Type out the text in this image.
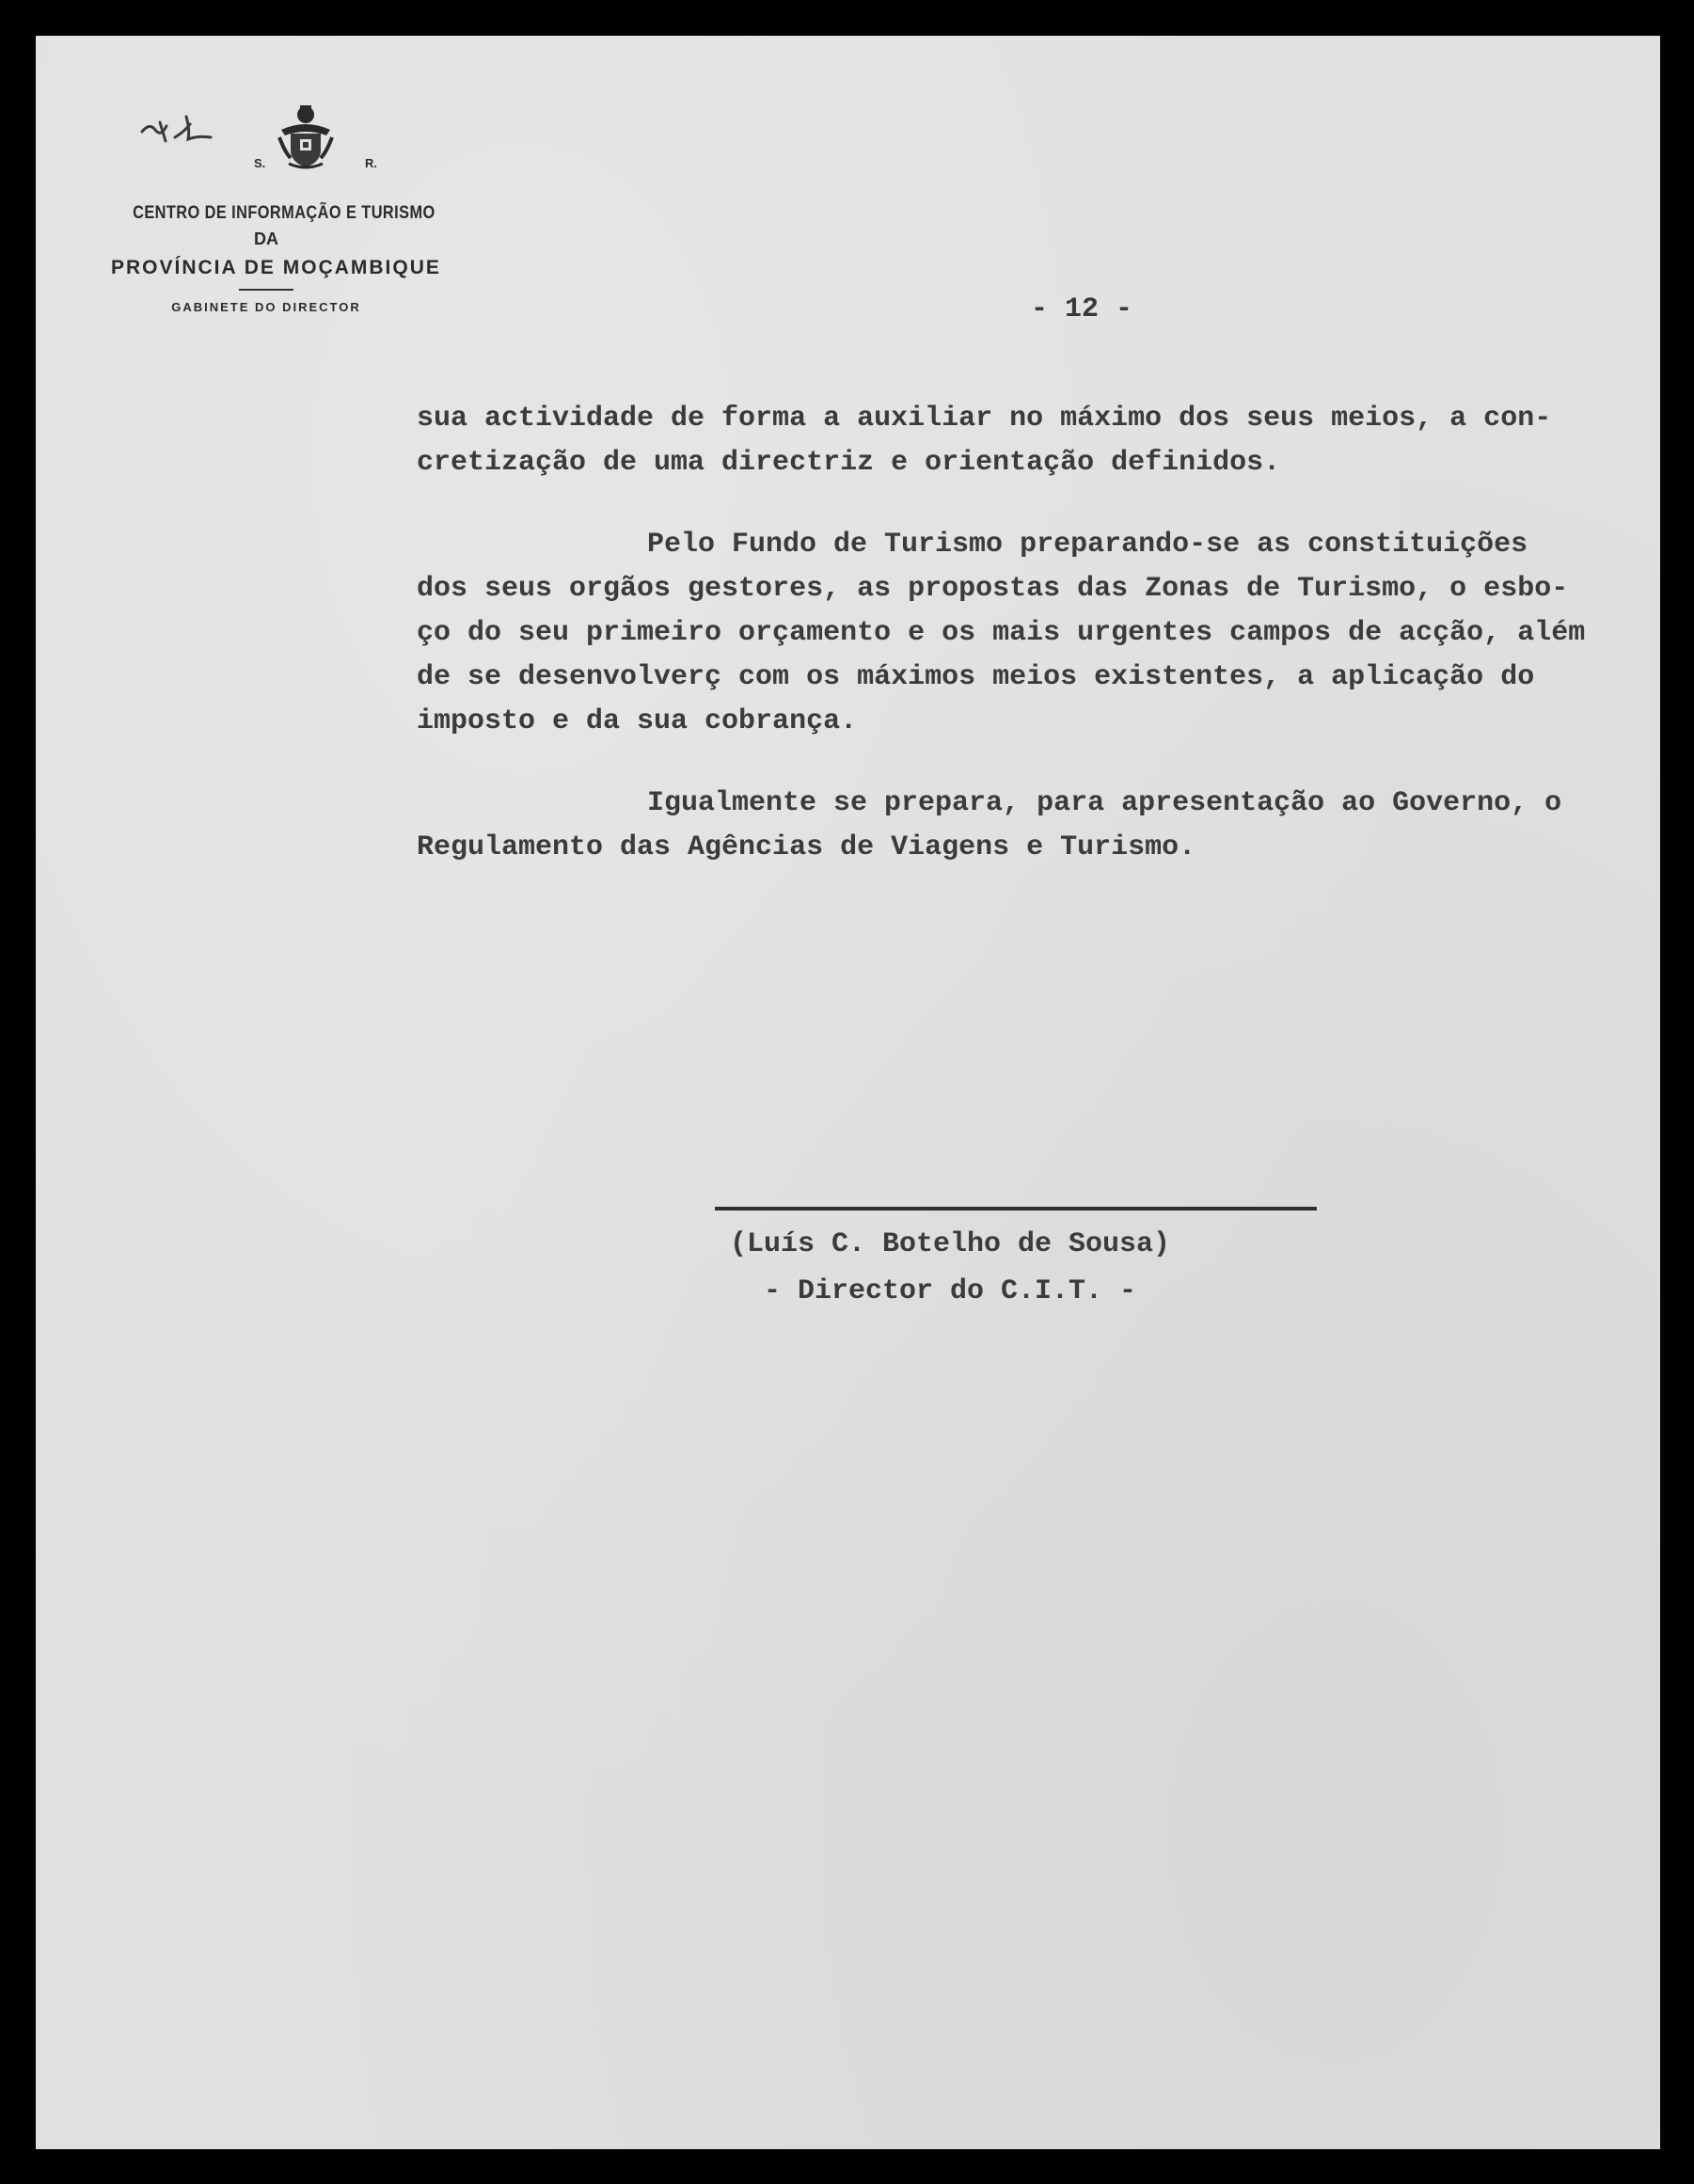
S.	R.
CENTRO DE INFORMAÇÃO E TURISMO
DA
PROVÍNCIA DE MOÇAMBIQUE
GABINETE DO DIRECTOR	- 12 -
sua actividade de forma a auxiliar no máximo dos seus meios, a con-
cretização de uma directriz e orientação definidos.
Pelo Fundo de Turismo preparando-se as constituições
dos seus orgãos gestores, as propostas das Zonas de Turismo, o esbo-
ço do seu primeiro orçamento e os mais urgentes campos de acção, além
de se desenvolverç com os máximos meios existentes, a aplicação do
imposto e da sua cobrança.
Igualmente se prepara, para apresentação ao Governo, o
Regulamento das Agências de Viagens e Turismo.
(Luís C. Botelho de Sousa)
- Director do C.I.T. -
